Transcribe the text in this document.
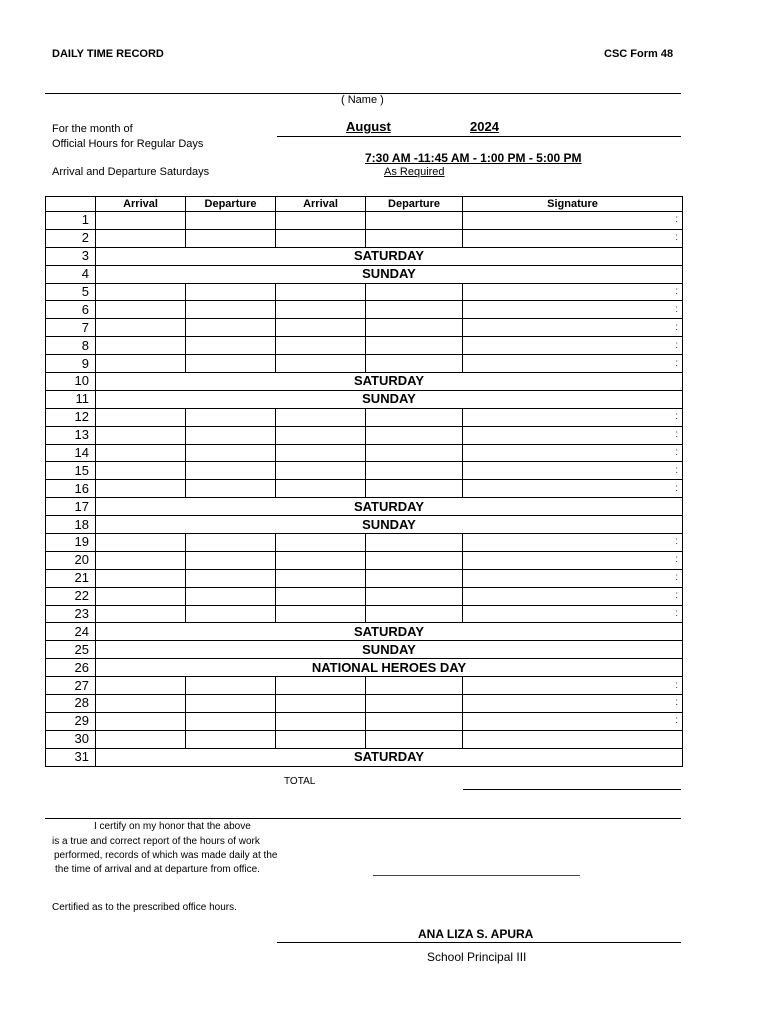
DAILY TIME RECORD	CSC Form 48
( Name )
For the month of	August	2024
Official Hours for Regular Days
7:30 AM -11:45 AM - 1:00 PM - 5:00 PM
Arrival and Departure Saturdays	As Required
	Arrival	Departure	Arrival	Departure	Signature
1					:
2					:
3	SATURDAY				
4	SUNDAY				
5					:
6					:
7					:
8					:
9					:
10	SATURDAY				
11	SUNDAY				
12					:
13					:
14					:
15					:
16					:
17	SATURDAY				
18	SUNDAY				
19					:
20					:
21					:
22					:
23					:
24	SATURDAY				
25	SUNDAY				
26	NATIONAL HEROES DAY				
27					:
28					:
29					:
30					
31	SATURDAY				
TOTAL
I certify on my honor that the above
is a true and correct report of the hours of work
performed, records of which was made daily at the
the time of arrival and at departure from office.
Certified as to the prescribed office hours.
ANA LIZA S. APURA
School Principal III
